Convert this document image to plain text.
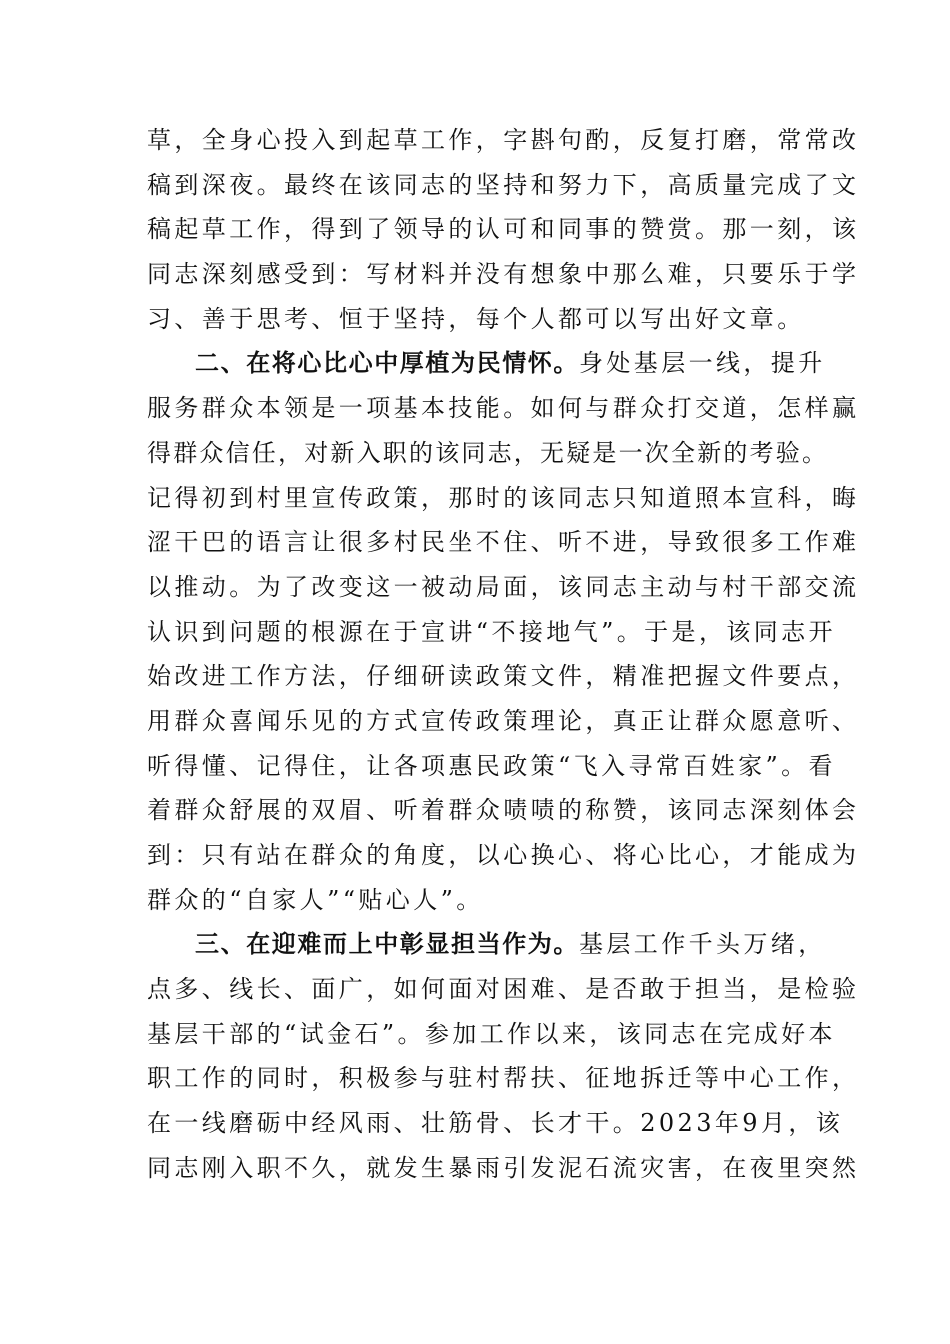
草，全身心投入到起草工作，字斟句酌，反复打磨，常常改
稿到深夜。最终在该同志的坚持和努力下，高质量完成了文
稿起草工作，得到了领导的认可和同事的赞赏。那一刻，该
同志深刻感受到：写材料并没有想象中那么难，只要乐于学
习、善于思考、恒于坚持，每个人都可以写出好文章。
二、在将心比心中厚植为民情怀。身处基层一线，提升
服务群众本领是一项基本技能。如何与群众打交道，怎样赢
得群众信任，对新入职的该同志，无疑是一次全新的考验。
记得初到村里宣传政策，那时的该同志只知道照本宣科，晦
涩干巴的语言让很多村民坐不住、听不进，导致很多工作难
以推动。为了改变这一被动局面，该同志主动与村干部交流
认识到问题的根源在于宣讲“不接地气”。于是，该同志开
始改进工作方法，仔细研读政策文件，精准把握文件要点，
用群众喜闻乐见的方式宣传政策理论，真正让群众愿意听、
听得懂、记得住，让各项惠民政策“飞入寻常百姓家”。看
着群众舒展的双眉、听着群众啧啧的称赞，该同志深刻体会
到：只有站在群众的角度，以心换心、将心比心，才能成为
群众的“自家人”“贴心人”。
三、在迎难而上中彰显担当作为。基层工作千头万绪，
点多、线长、面广，如何面对困难、是否敢于担当，是检验
基层干部的“试金石”。参加工作以来，该同志在完成好本
职工作的同时，积极参与驻村帮扶、征地拆迁等中心工作，
在一线磨砺中经风雨、壮筋骨、长才干。2023年9月，该
同志刚入职不久，就发生暴雨引发泥石流灾害，在夜里突然
